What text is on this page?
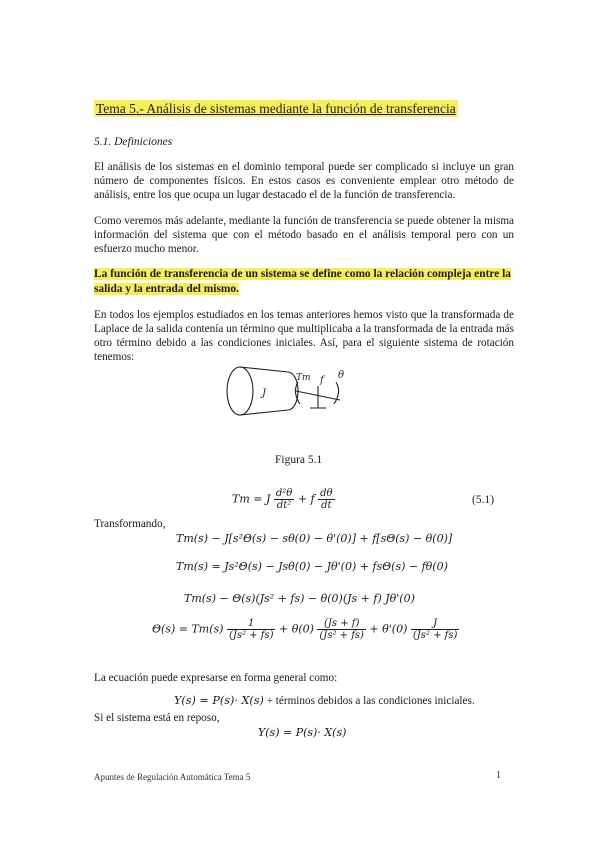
· · · ·
Tema 5.- Análisis de sistemas mediante la función de transferencia
5.1. Definiciones
El análisis de los sistemas en el dominio temporal puede ser complicado si incluye un gran número de componentes físicos. En estos casos es conveniente emplear otro método de análisis, entre los que ocupa un lugar destacado el de la función de transferencia.
Como veremos más adelante, mediante la función de transferencia se puede obtener la misma información del sistema que con el método basado en el análisis temporal pero con un esfuerzo mucho menor.
La función de transferencia de un sistema se define como la relación compleja entre la salida y la entrada del mismo.
En todos los ejemplos estudiados en los temas anteriores hemos visto que la transformada de Laplace de la salida contenía un término que multiplicaba a la transformada de la entrada más otro término debido a las condiciones iniciales. Así, para el siguiente sistema de rotación tenemos:
J
Tm f θ
Figura 5.1
Tm = J $\frac{\text{d²θ}}{\text{dt²}} + f \frac{d\theta}{dt}$	(5.1)
Transformando,
Tm(s) − J[s²Θ(s) − sθ(0) − θ'(0)] + f[sΘ(s) − θ(0)]
Tm(s) = Js²Θ(s) − Jsθ(0) − Jθ'(0) + fsΘ(s) − fθ(0)
Tm(s) − Θ(s)(Js² + fs) − θ(0)(Js + f) Jθ'(0)
$\Theta(s) = Tm(s) \frac{1}{\text{(Js² + fs)}} + \theta(0) \frac{(Js + f)}{\text{(Js² + fs)}} + \theta'(0) \frac{J}{\text{(Js² + fs)}}$
La ecuación puede expresarse en forma general como:
Y(s) = P(s)· X(s) + términos debidos a las condiciones iniciales.
Si el sistema está en reposo,
Y(s) = P(s)· X(s)
Apuntes de Regulación Automática Tema 5	1
